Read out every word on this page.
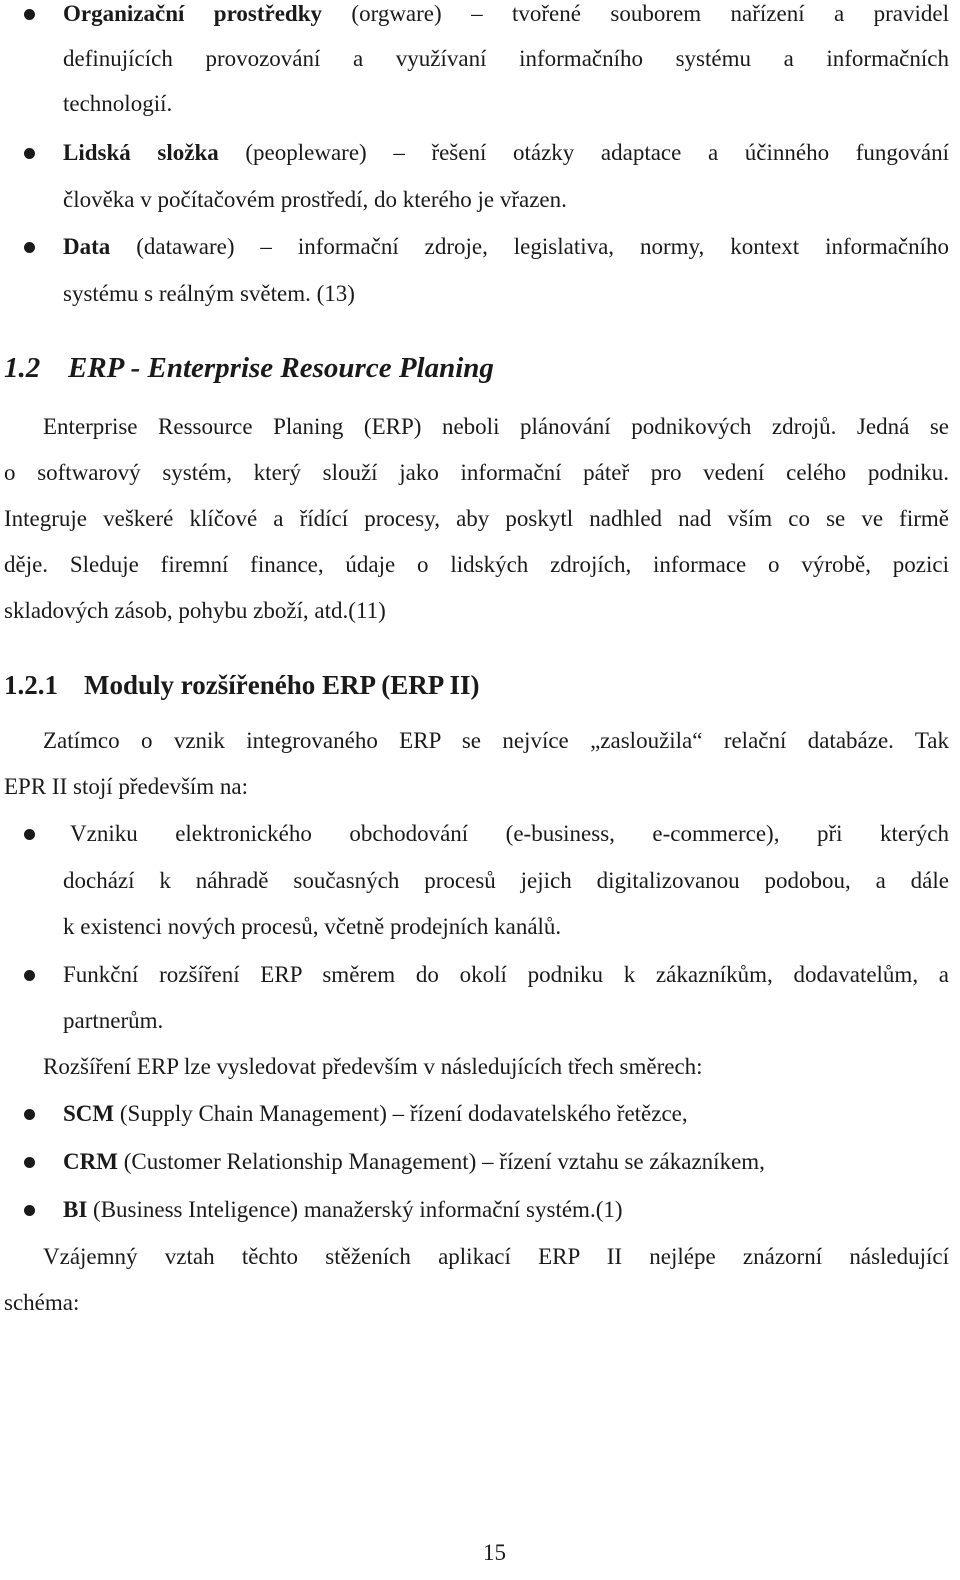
Organizační prostředky (orgware) – tvořené souborem nařízení a pravidel
definujících provozování a využívaní informačního systému a informačních
technologií.
Lidská složka (peopleware) – řešení otázky adaptace a účinného fungování
člověka v počítačovém prostředí, do kterého je vřazen.
Data (dataware) – informační zdroje, legislativa, normy, kontext informačního
systému s reálným světem. (13)
1.2 ERP - Enterprise Resource Planing
Enterprise Ressource Planing (ERP) neboli plánování podnikových zdrojů. Jedná se
o softwarový systém, který slouží jako informační páteř pro vedení celého podniku.
Integruje veškeré klíčové a řídící procesy, aby poskytl nadhled nad vším co se ve firmě
děje. Sleduje firemní finance, údaje o lidských zdrojích, informace o výrobě, pozici
skladových zásob, pohybu zboží, atd.(11)
1.2.1 Moduly rozšířeného ERP (ERP II)
Zatímco o vznik integrovaného ERP se nejvíce „zasloužila“ relační databáze. Tak
EPR II stojí především na:
Vzniku elektronického obchodování (e-business, e-commerce), při kterých
dochází k náhradě současných procesů jejich digitalizovanou podobou, a dále
k existenci nových procesů, včetně prodejních kanálů.
Funkční rozšíření ERP směrem do okolí podniku k zákazníkům, dodavatelům, a
partnerům.
Rozšíření ERP lze vysledovat především v následujících třech směrech:
SCM (Supply Chain Management) – řízení dodavatelského řetězce,
CRM (Customer Relationship Management) – řízení vztahu se zákazníkem,
BI (Business Inteligence) manažerský informační systém.(1)
Vzájemný vztah těchto stěženích aplikací ERP II nejlépe znázorní následující
schéma:
15
